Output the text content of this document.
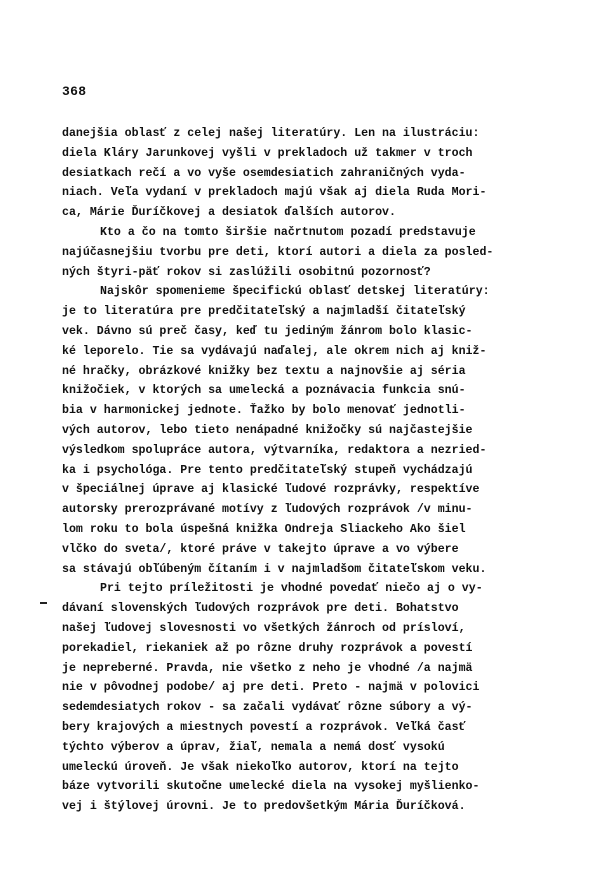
368
danejšia oblasť z celej našej literatúry. Len na ilustráciu:
diela Kláry Jarunkovej vyšli v prekladoch už takmer v troch
desiatkach rečí a vo vyše osemdesiatich zahraničných vyda-
niach. Veľa vydaní v prekladoch majú však aj diela Ruda Mori-
ca, Márie Ďuríčkovej a desiatok ďalších autorov.
Kto a čo na tomto širšie načrtnutom pozadí predstavuje
najúčasnejšiu tvorbu pre deti, ktorí autori a diela za posled-
ných štyri-päť rokov si zaslúžili osobitnú pozornosť?
Najskôr spomenieme špecifickú oblasť detskej literatúry:
je to literatúra pre predčitateľský a najmladší čitateľský
vek. Dávno sú preč časy, keď tu jediným žánrom bolo klasic-
ké leporelo. Tie sa vydávajú naďalej, ale okrem nich aj kniž-
né hračky, obrázkové knižky bez textu a najnovšie aj séria
knižočiek, v ktorých sa umelecká a poznávacia funkcia snú-
bia v harmonickej jednote. Ťažko by bolo menovať jednotli-
vých autorov, lebo tieto nenápadné knižočky sú najčastejšie
výsledkom spolupráce autora, výtvarníka, redaktora a nezried-
ka i psychológa. Pre tento predčitateľský stupeň vychádzajú
v špeciálnej úprave aj klasické ľudové rozprávky, respektíve
autorsky prerozprávané motívy z ľudových rozprávok /v minu-
lom roku to bola úspešná knižka Ondreja Sliackeho Ako šiel
vlčko do sveta/, ktoré práve v takejto úprave a vo výbere
sa stávajú obľúbeným čítaním i v najmladšom čitateľskom veku.
Pri tejto príležitosti je vhodné povedať niečo aj o vy-
dávaní slovenských ľudových rozprávok pre deti. Bohatstvo
našej ľudovej slovesnosti vo všetkých žánroch od prísloví,
porekadiel, riekaniek až po rôzne druhy rozprávok a povestí
je nepreberné. Pravda, nie všetko z neho je vhodné /a najmä
nie v pôvodnej podobe/ aj pre deti. Preto - najmä v polovici
sedemdesiatych rokov - sa začali vydávať rôzne súbory a vý-
bery krajových a miestnych povestí a rozprávok. Veľká časť
týchto výberov a úprav, žiaľ, nemala a nemá dosť vysokú
umeleckú úroveň. Je však niekoľko autorov, ktorí na tejto
báze vytvorili skutočne umelecké diela na vysokej myšlienko-
vej i štýlovej úrovni. Je to predovšetkým Mária Ďuríčková.
